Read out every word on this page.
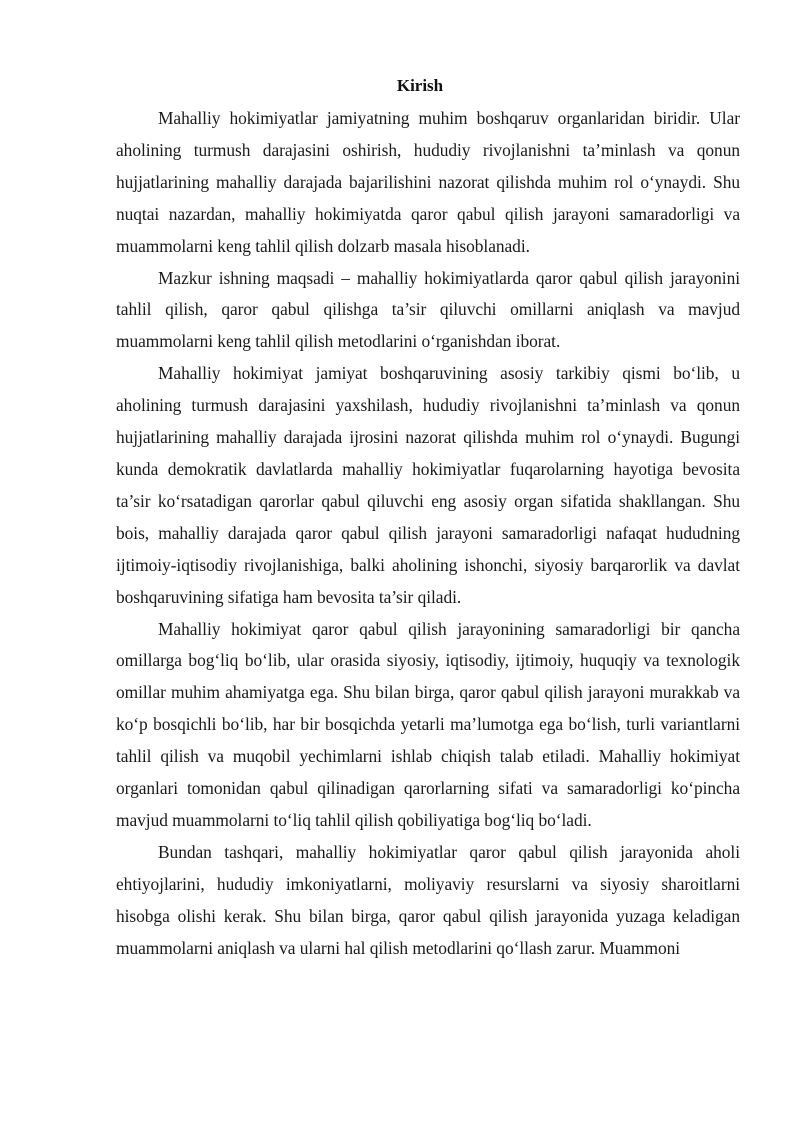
Kirish

Mahalliy hokimiyatlar jamiyatning muhim boshqaruv organlaridan biridir. Ular aholining turmush darajasini oshirish, hududiy rivojlanishni ta’minlash va qonun hujjatlarining mahalliy darajada bajarilishini nazorat qilishda muhim rol o‘ynaydi. Shu nuqtai nazardan, mahalliy hokimiyatda qaror qabul qilish jarayoni samaradorligi va muammolarni keng tahlil qilish dolzarb masala hisoblanadi.

Mazkur ishning maqsadi – mahalliy hokimiyatlarda qaror qabul qilish jarayonini tahlil qilish, qaror qabul qilishga ta’sir qiluvchi omillarni aniqlash va mavjud muammolarni keng tahlil qilish metodlarini o‘rganishdan iborat.

Mahalliy hokimiyat jamiyat boshqaruvining asosiy tarkibiy qismi bo‘lib, u aholining turmush darajasini yaxshilash, hududiy rivojlanishni ta’minlash va qonun hujjatlarining mahalliy darajada ijrosini nazorat qilishda muhim rol o‘ynaydi. Bugungi kunda demokratik davlatlarda mahalliy hokimiyatlar fuqarolarning hayotiga bevosita ta’sir ko‘rsatadigan qarorlar qabul qiluvchi eng asosiy organ sifatida shakllangan. Shu bois, mahalliy darajada qaror qabul qilish jarayoni samaradorligi nafaqat hududning ijtimoiy-iqtisodiy rivojlanishiga, balki aholining ishonchi, siyosiy barqarorlik va davlat boshqaruvining sifatiga ham bevosita ta’sir qiladi.

Mahalliy hokimiyat qaror qabul qilish jarayonining samaradorligi bir qancha omillarga bog‘liq bo‘lib, ular orasida siyosiy, iqtisodiy, ijtimoiy, huquqiy va texnologik omillar muhim ahamiyatga ega. Shu bilan birga, qaror qabul qilish jarayoni murakkab va ko‘p bosqichli bo‘lib, har bir bosqichda yetarli ma’lumotga ega bo‘lish, turli variantlarni tahlil qilish va muqobil yechimlarni ishlab chiqish talab etiladi. Mahalliy hokimiyat organlari tomonidan qabul qilinadigan qarorlarning sifati va samaradorligi ko‘pincha mavjud muammolarni to‘liq tahlil qilish qobiliyatiga bog‘liq bo‘ladi.

Bundan tashqari, mahalliy hokimiyatlar qaror qabul qilish jarayonida aholi ehtiyojlarini, hududiy imkoniyatlarni, moliyaviy resurslarni va siyosiy sharoitlarni hisobga olishi kerak. Shu bilan birga, qaror qabul qilish jarayonida yuzaga keladigan muammolarni aniqlash va ularni hal qilish metodlarini qo‘llash zarur. Muammoni
